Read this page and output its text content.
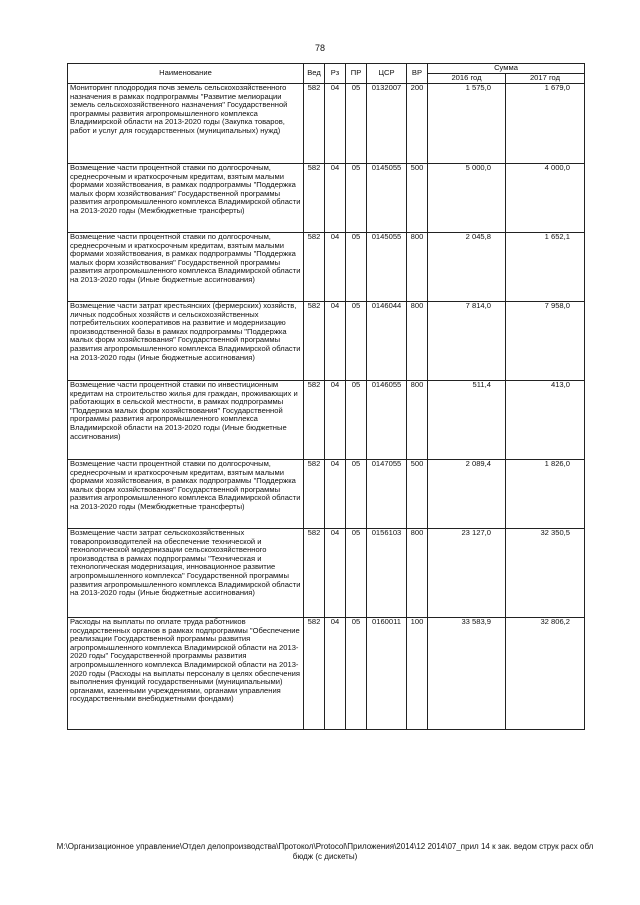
78
Наименование	Вед	Рз	ПР	ЦСР	ВР	Сумма	
						2016 год	2017 год
Мониторинг плодородия почв земель сельскохозяйственного назначения в рамках подпрограммы "Развитие мелиорации земель сельскохозяйственного назначения" Государственной программы развития агропромышленного комплекса Владимирской области на 2013-2020 годы (Закупка товаров, работ и услуг для государственных (муниципальных) нужд)	582	04	05	0132007	200	1 575,0	1 679,0
Возмещение части процентной ставки по долгосрочным, среднесрочным и краткосрочным кредитам, взятым малыми формами хозяйствования, в рамках подпрограммы "Поддержка малых форм хозяйствования" Государственной программы развития агропромышленного комплекса Владимирской области на 2013-2020 годы (Межбюджетные трансферты)	582	04	05	0145055	500	5 000,0	4 000,0
Возмещение части процентной ставки по долгосрочным, среднесрочным и краткосрочным кредитам, взятым малыми формами хозяйствования, в рамках подпрограммы "Поддержка малых форм хозяйствования" Государственной программы развития агропромышленного комплекса Владимирской области на 2013-2020 годы (Иные бюджетные ассигнования)	582	04	05	0145055	800	2 045,8	1 652,1
Возмещение части затрат крестьянских (фермерских) хозяйств, личных подсобных хозяйств и сельскохозяйственных потребительских кооперативов на развитие и модернизацию производственной базы в рамках подпрограммы "Поддержка малых форм хозяйствования" Государственной программы развития агропромышленного комплекса Владимирской области на 2013-2020 годы (Иные бюджетные ассигнования)	582	04	05	0146044	800	7 814,0	7 958,0
Возмещение части процентной ставки по инвестиционным кредитам на строительство жилья для граждан, проживающих и работающих в сельской местности, в рамках подпрограммы "Поддержка малых форм хозяйствования" Государственной программы развития агропромышленного комплекса Владимирской области на 2013-2020 годы (Иные бюджетные ассигнования)	582	04	05	0146055	800	511,4	413,0
Возмещение части процентной ставки по долгосрочным, среднесрочным и краткосрочным кредитам, взятым малыми формами хозяйствования, в рамках подпрограммы "Поддержка малых форм хозяйствования" Государственной программы развития агропромышленного комплекса Владимирской области на 2013-2020 годы (Межбюджетные трансферты)	582	04	05	0147055	500	2 089,4	1 826,0
Возмещение части затрат сельскохозяйственных товаропроизводителей на обеспечение технической и технологической модернизации сельскохозяйственного производства в рамках подпрограммы "Техническая и технологическая модернизация, инновационное развитие агропромышленного комплекса" Государственной программы развития агропромышленного комплекса Владимирской области на 2013-2020 годы (Иные бюджетные ассигнования)	582	04	05	0156103	800	23 127,0	32 350,5
Расходы на выплаты по оплате труда работников государственных органов в рамках подпрограммы "Обеспечение реализации Государственной программы развития агропромышленного комплекса Владимирской области на 2013-2020 годы" Государственной программы развития агропромышленного комплекса Владимирской области на 2013-2020 годы (Расходы на выплаты персоналу в целях обеспечения выполнения функций государственными (муниципальными) органами, казенными учреждениями, органами управления государственными внебюджетными фондами)	582	04	05	0160011	100	33 583,9	32 806,2
M:\Организационное управление\Отдел делопроизводства\Протокол\Protocol\Приложения\2014\12 2014\07_прил 14 к зак. ведом струк расх обл бюдж (с дискеты)
